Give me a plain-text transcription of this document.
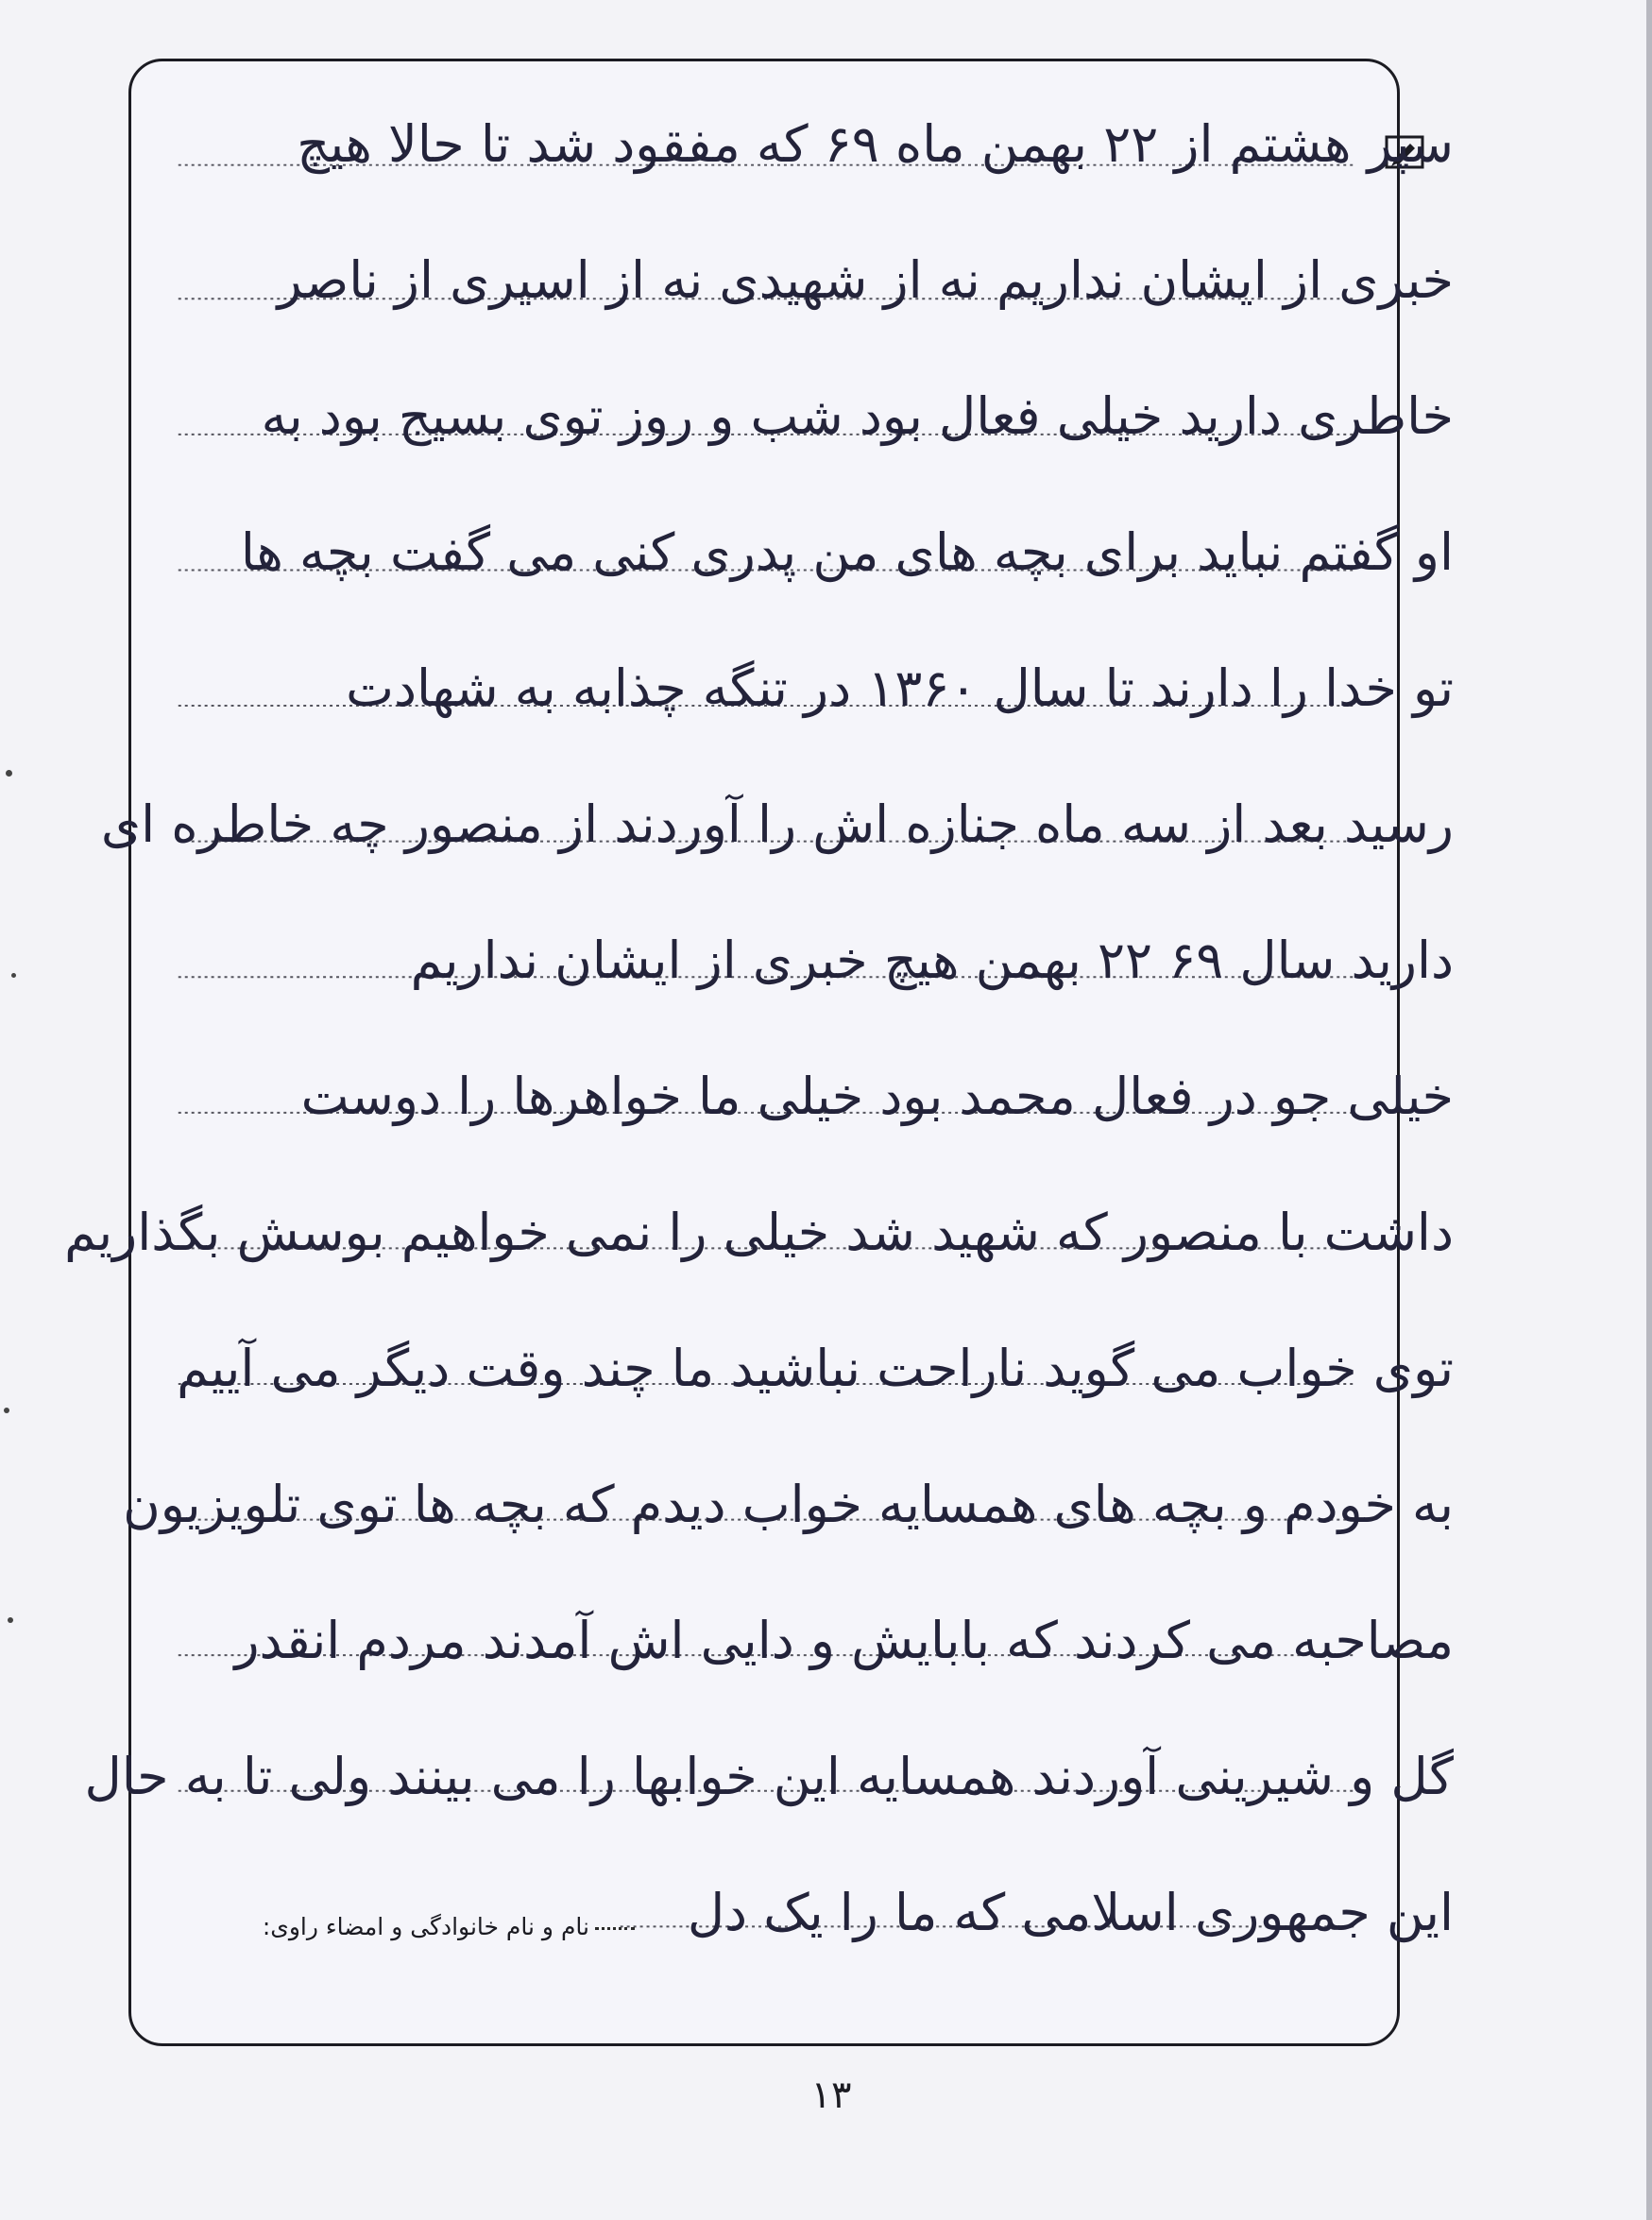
سپر هشتم از ۲۲ بهمن ماه ۶۹ که مفقود شد تا حالا هیچ
خبری از ایشان نداریم نه از شهیدی نه از اسیری از ناصر
خاطری دارید خیلی فعال بود شب و روز توی بسیج بود به
او گفتم نباید برای بچه های من پدری کنی می گفت بچه ها
تو خدا را دارند تا سال ۱۳۶۰ در تنگه چذابه به شهادت
رسید بعد از سه ماه جنازه اش را آوردند از منصور چه خاطره ای
دارید سال ۶۹ ۲۲ بهمن هیچ خبری از ایشان نداریم
خیلی جو در فعال محمد بود خیلی ما خواهرها را دوست
داشت با منصور که شهید شد خیلی را نمی خواهیم بوسش بگذاریم
توی خواب می گوید ناراحت نباشید ما چند وقت دیگر می آییم
به خودم و بچه های همسایه خواب دیدم که بچه ها توی تلویزیون
مصاحبه می کردند که بابایش و دایی اش آمدند مردم انقدر
گل و شیرینی آوردند همسایه این خوابها را می بینند ولی تا به حال
این جمهوری اسلامی که ما را یک دل
نام و نام خانوادگی و امضاء راوی:
۱۳
